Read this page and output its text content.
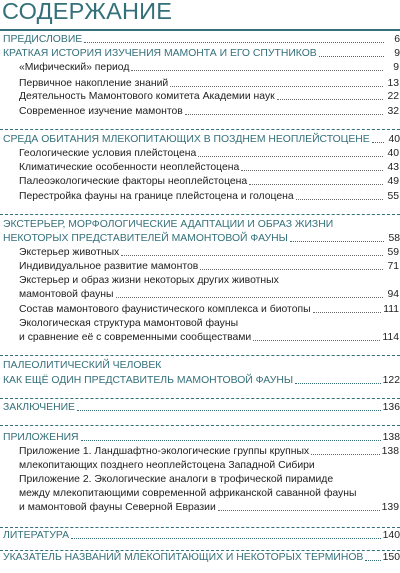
СОДЕРЖАНИЕ
ПРЕДИСЛОВИЕ	6
КРАТКАЯ ИСТОРИЯ ИЗУЧЕНИЯ МАМОНТА И ЕГО СПУТНИКОВ	9
«Мифический» период	9
Первичное накопление знаний	13
Деятельность Мамонтового комитета Академии наук	22
Современное изучение мамонтов	32
СРЕДА ОБИТАНИЯ МЛЕКОПИТАЮЩИХ В ПОЗДНЕМ НЕОПЛЕЙСТОЦЕНЕ 40
Геологические условия плейстоцена	40
Климатические особенности неоплейстоцена	43
Палеоэкологические факторы неоплейстоцена	49
Перестройка фауны на границе плейстоцена и голоцена	55
ЭКСТЕРЬЕР, МОРФОЛОГИЧЕСКИЕ АДАПТАЦИИ И ОБРАЗ ЖИЗНИ
НЕКОТОРЫХ ПРЕДСТАВИТЕЛЕЙ МАМОНТОВОЙ ФАУНЫ	58
Экстерьер животных	59
Индивидуальное развитие мамонтов	71
Экстерьер и образ жизни некоторых других животных
мамонтовой фауны	94
Состав мамонтового фаунистического комплекса и биотопы	111
Экологическая структура мамонтовой фауны
и сравнение её с современными сообществами	114
ПАЛЕОЛИТИЧЕСКИЙ ЧЕЛОВЕК
КАК ЕЩЁ ОДИН ПРЕДСТАВИТЕЛЬ МАМОНТОВОЙ ФАУНЫ	122
ЗАКЛЮЧЕНИЕ	136
ПРИЛОЖЕНИЯ	138
Приложение 1. Ландшафтно-экологические группы крупных	138
млекопитающих позднего неоплейстоцена Западной Сибири
Приложение 2. Экологические аналоги в трофической пирамиде
между млекопитающими современной африканской саванной фауны
и мамонтовой фауны Северной Евразии	139
ЛИТЕРАТУРА	140
УКАЗАТЕЛЬ НАЗВАНИЙ МЛЕКОПИТАЮЩИХ И НЕКОТОРЫХ ТЕРМИНОВ 150
